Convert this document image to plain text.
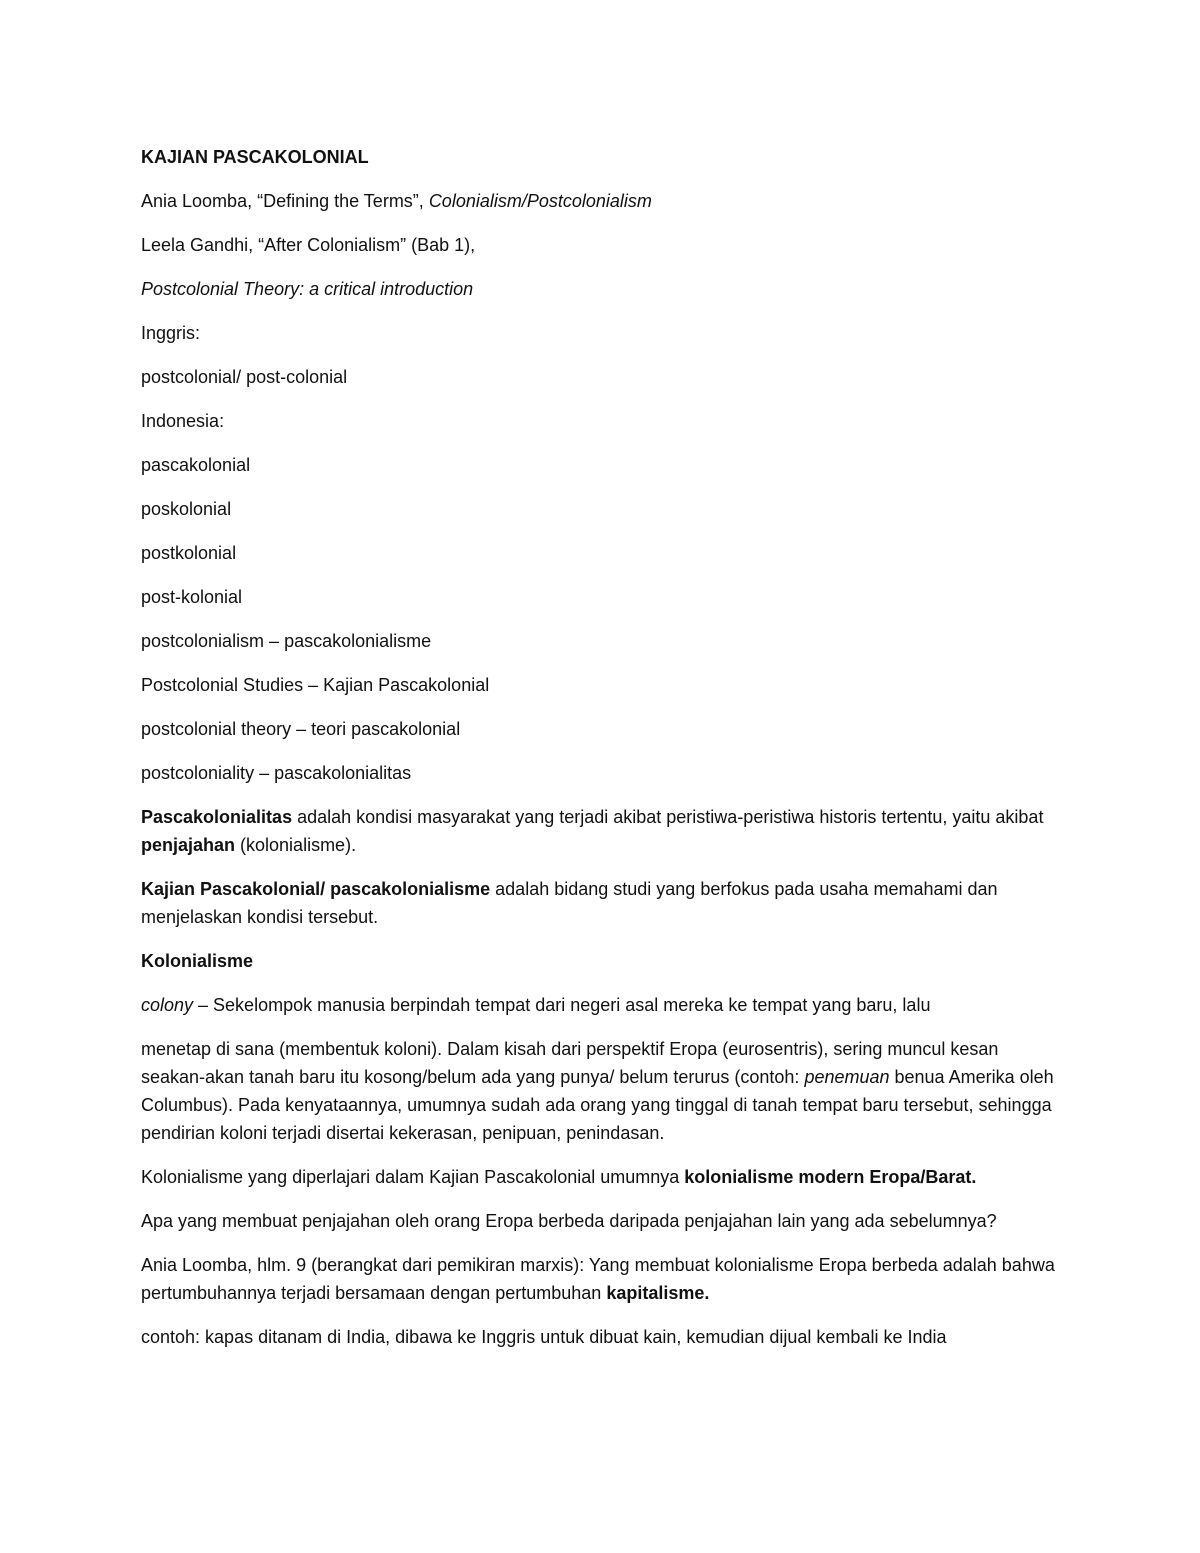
KAJIAN PASCAKOLONIAL

Ania Loomba, “Defining the Terms”, Colonialism/Postcolonialism

Leela Gandhi, “After Colonialism” (Bab 1),

Postcolonial Theory: a critical introduction

Inggris:

postcolonial/ post-colonial

Indonesia:

pascakolonial

poskolonial

postkolonial

post-kolonial

postcolonialism – pascakolonialisme

Postcolonial Studies – Kajian Pascakolonial

postcolonial theory – teori pascakolonial

postcoloniality – pascakolonialitas

Pascakolonialitas adalah kondisi masyarakat yang terjadi akibat peristiwa-peristiwa historis tertentu, yaitu akibat penjajahan (kolonialisme).

Kajian Pascakolonial/ pascakolonialisme adalah bidang studi yang berfokus pada usaha memahami dan menjelaskan kondisi tersebut.

Kolonialisme

colony – Sekelompok manusia berpindah tempat dari negeri asal mereka ke tempat yang baru, lalu

menetap di sana (membentuk koloni). Dalam kisah dari perspektif Eropa (eurosentris), sering muncul kesan seakan-akan tanah baru itu kosong/belum ada yang punya/ belum terurus (contoh: penemuan benua Amerika oleh Columbus). Pada kenyataannya, umumnya sudah ada orang yang tinggal di tanah tempat baru tersebut, sehingga pendirian koloni terjadi disertai kekerasan, penipuan, penindasan.

Kolonialisme yang diperlajari dalam Kajian Pascakolonial umumnya kolonialisme modern Eropa/Barat.

Apa yang membuat penjajahan oleh orang Eropa berbeda daripada penjajahan lain yang ada sebelumnya?

Ania Loomba, hlm. 9 (berangkat dari pemikiran marxis): Yang membuat kolonialisme Eropa berbeda adalah bahwa pertumbuhannya terjadi bersamaan dengan pertumbuhan kapitalisme.

contoh: kapas ditanam di India, dibawa ke Inggris untuk dibuat kain, kemudian dijual kembali ke India
